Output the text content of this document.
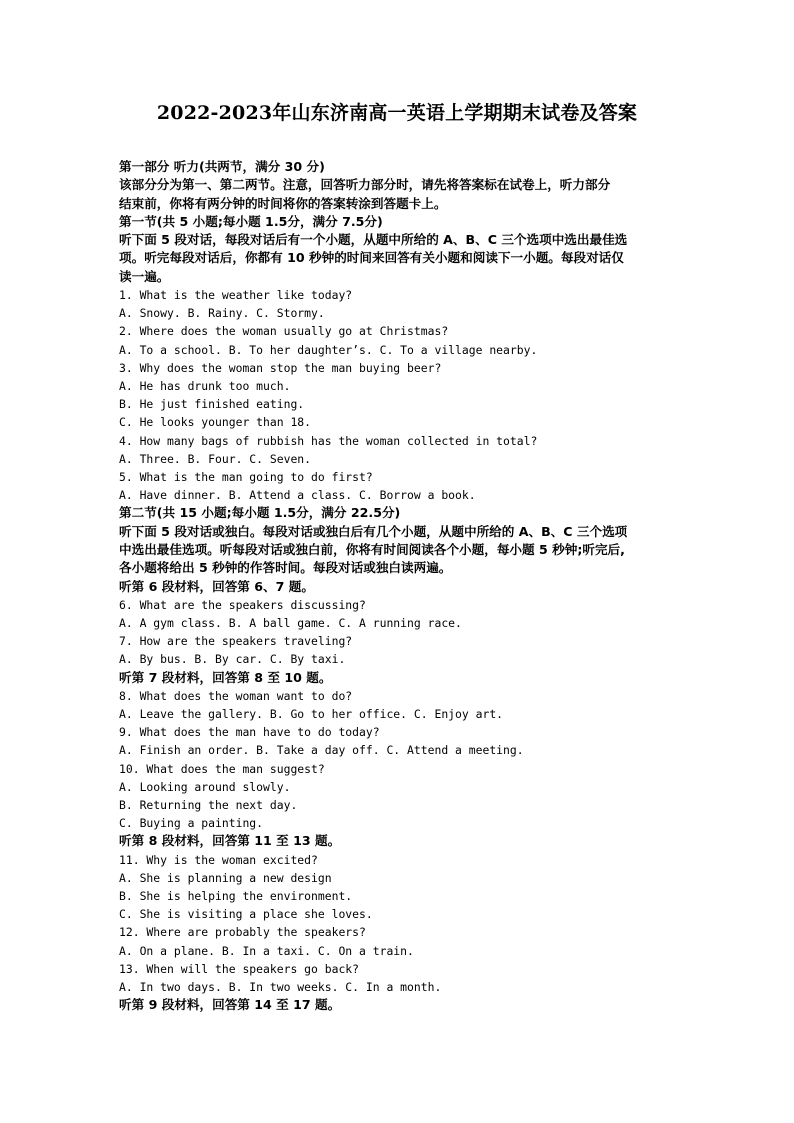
2022-2023年山东济南高一英语上学期期末试卷及答案
第一部分 听力(共两节，满分 30 分)
该部分分为第一、第二两节。注意，回答听力部分时，请先将答案标在试卷上，听力部分
结束前，你将有两分钟的时间将你的答案转涂到答题卡上。
第一节(共 5 小题;每小题 1.5分，满分 7.5分)
听下面 5 段对话，每段对话后有一个小题，从题中所给的 A、B、C 三个选项中选出最佳选
项。听完每段对话后，你都有 10 秒钟的时间来回答有关小题和阅读下一小题。每段对话仅
读一遍。
1. What is the weather like today?
A. Snowy. B. Rainy. C. Stormy.
2. Where does the woman usually go at Christmas?
A. To a school. B. To her daughter’s. C. To a village nearby.
3. Why does the woman stop the man buying beer?
A. He has drunk too much.
B. He just finished eating.
C. He looks younger than 18.
4. How many bags of rubbish has the woman collected in total?
A. Three. B. Four. C. Seven.
5. What is the man going to do first?
A. Have dinner. B. Attend a class. C. Borrow a book.
第二节(共 15 小题;每小题 1.5分，满分 22.5分)
听下面 5 段对话或独白。每段对话或独白后有几个小题，从题中所给的 A、B、C 三个选项
中选出最佳选项。听每段对话或独白前，你将有时间阅读各个小题，每小题 5 秒钟;听完后,
各小题将给出 5 秒钟的作答时间。每段对话或独白读两遍。
听第 6 段材料，回答第 6、7 题。
6. What are the speakers discussing?
A. A gym class. B. A ball game. C. A running race.
7. How are the speakers traveling?
A. By bus. B. By car. C. By taxi.
听第 7 段材料，回答第 8 至 10 题。
8. What does the woman want to do?
A. Leave the gallery. B. Go to her office. C. Enjoy art.
9. What does the man have to do today?
A. Finish an order. B. Take a day off. C. Attend a meeting.
10. What does the man suggest?
A. Looking around slowly.
B. Returning the next day.
C. Buying a painting.
听第 8 段材料，回答第 11 至 13 题。
11. Why is the woman excited?
A. She is planning a new design
B. She is helping the environment.
C. She is visiting a place she loves.
12. Where are probably the speakers?
A. On a plane. B. In a taxi. C. On a train.
13. When will the speakers go back?
A. In two days. B. In two weeks. C. In a month.
听第 9 段材料，回答第 14 至 17 题。
